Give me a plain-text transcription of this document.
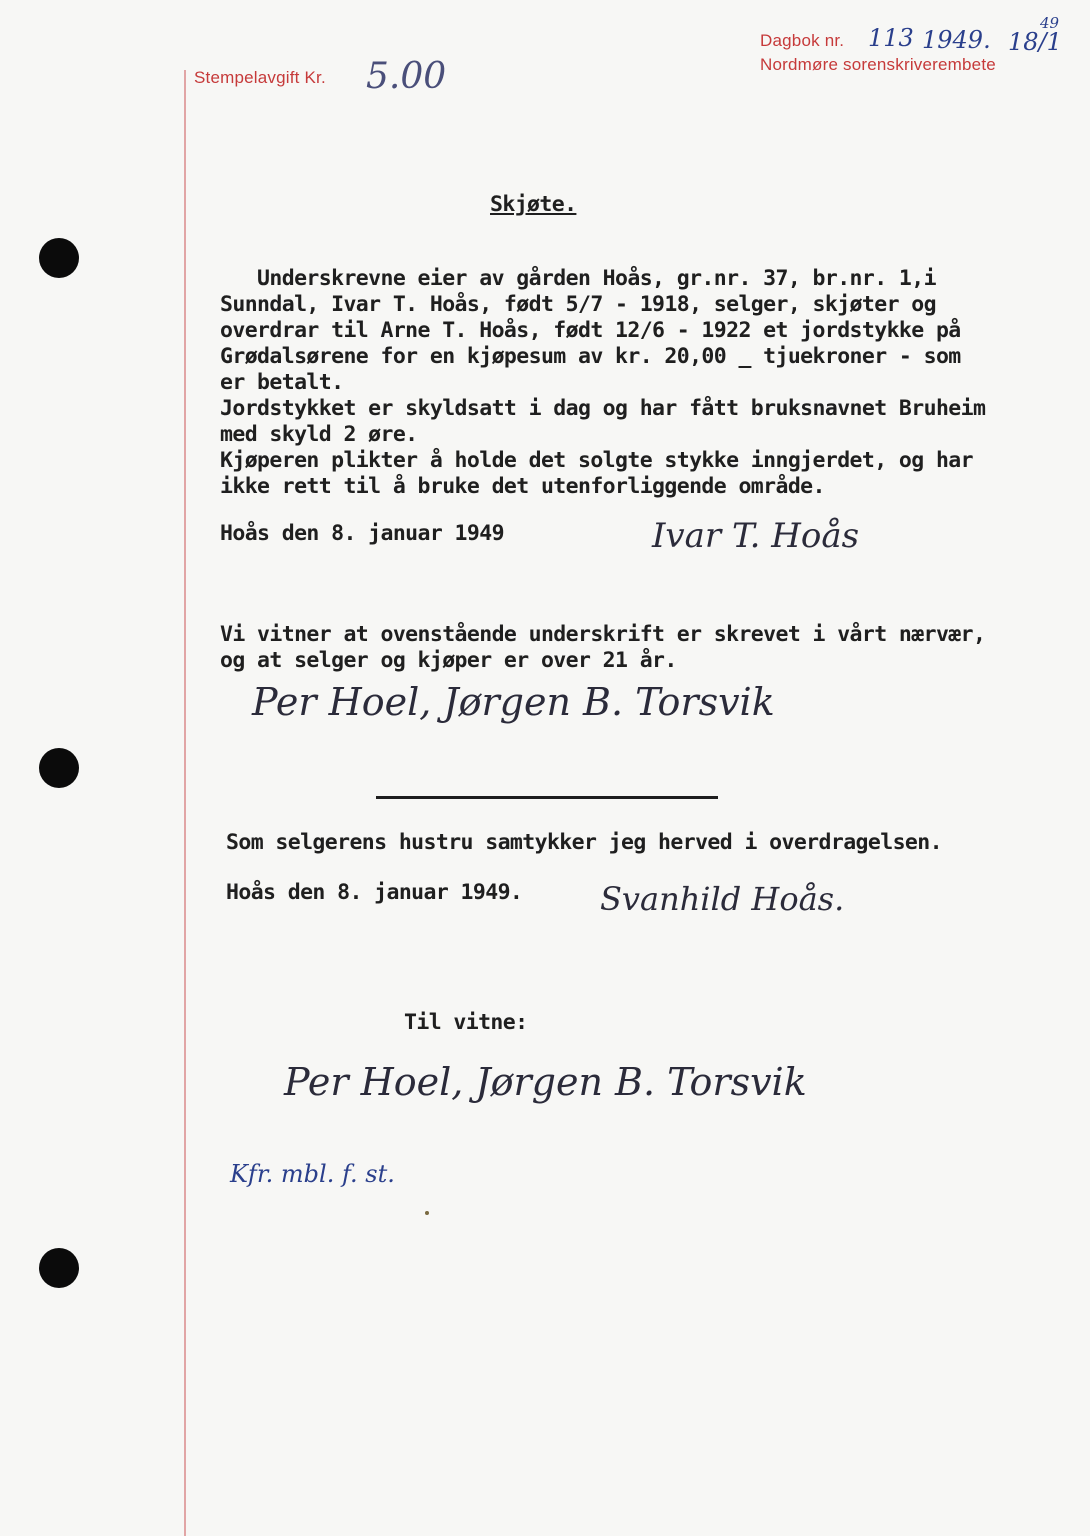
Stempelavgift Kr. 5.00
Dagbok nr. 113 1949. 18/1
49
Nordmøre sorenskriverembete
Skjøte.
Underskrevne eier av gården Hoås, gr.nr. 37, br.nr. 1,i
Sunndal, Ivar T. Hoås, født 5/7 - 1918, selger, skjøter og
overdrar til Arne T. Hoås, født 12/6 - 1922 et jordstykke på
Grødalsørene for en kjøpesum av kr. 20,00 _ tjuekroner - som
er betalt.
Jordstykket er skyldsatt i dag og har fått bruksnavnet Bruheim
med skyld 2 øre.
Kjøperen plikter å holde det solgte stykke inngjerdet, og har
ikke rett til å bruke det utenforliggende område.
Hoås den 8. januar 1949	Ivar T. Hoås
Vi vitner at ovenstående underskrift er skrevet i vårt nærvær,
og at selger og kjøper er over 21 år.
Per Hoel, Jørgen B. Torsvik
Som selgerens hustru samtykker jeg herved i overdragelsen.
Hoås den 8. januar 1949. Svanhild Hoås.
Til vitne:
Per Hoel, Jørgen B. Torsvik
Kfr. mbl. f. st.
